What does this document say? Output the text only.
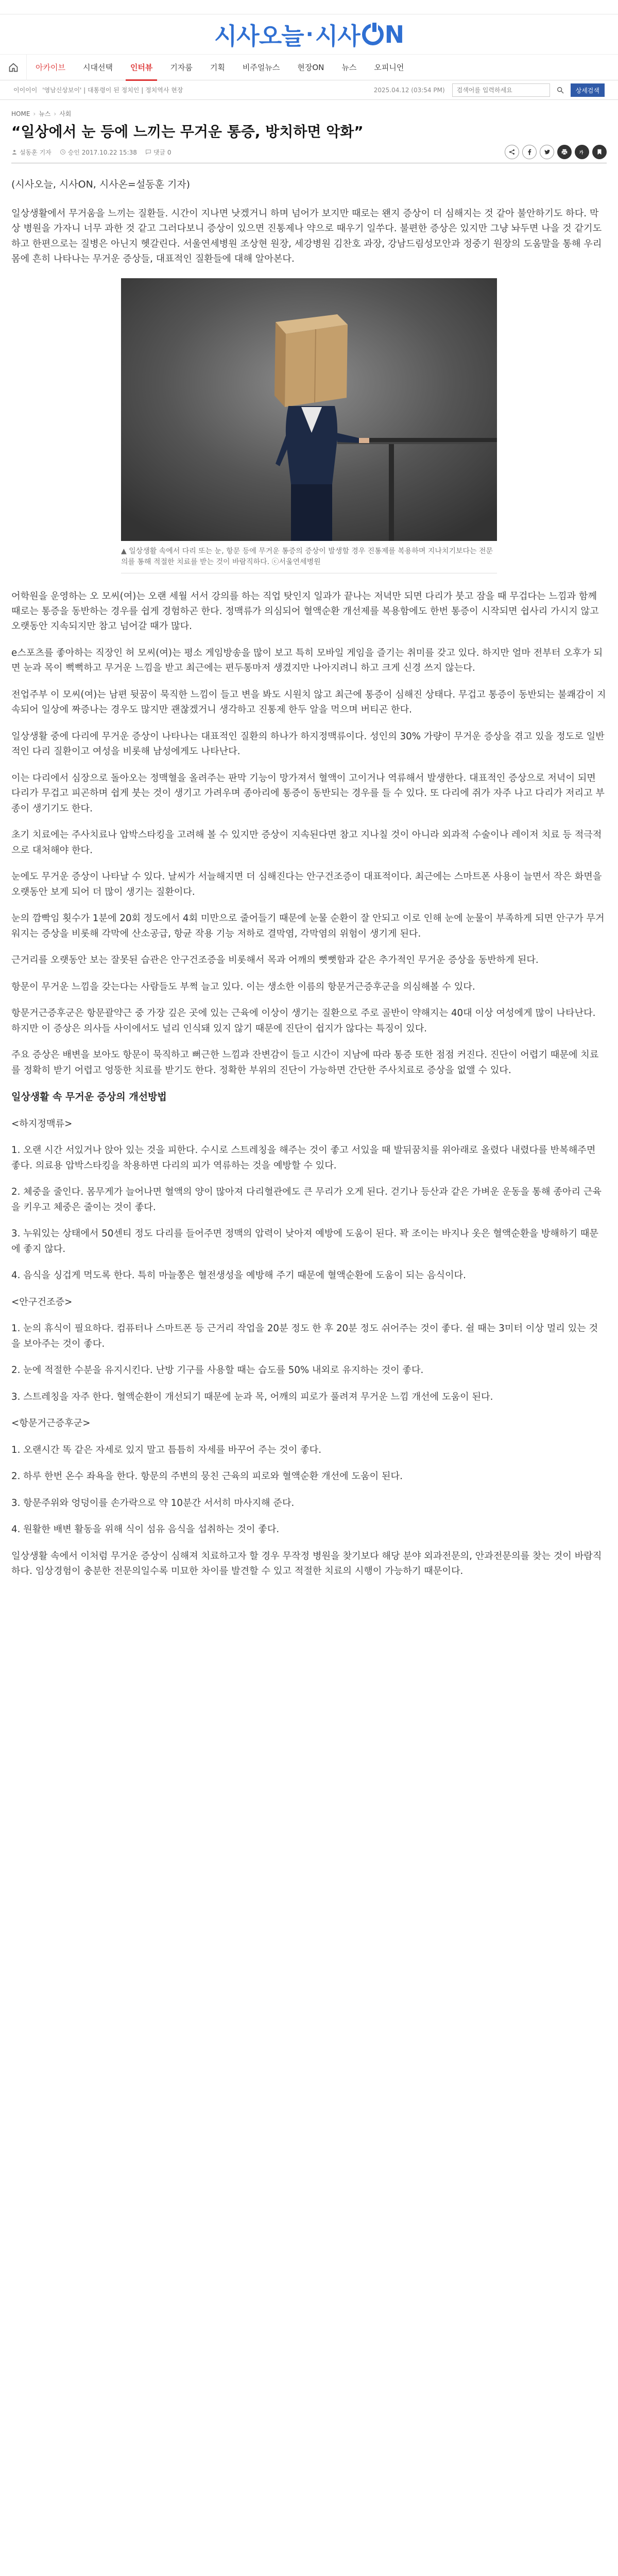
시사오늘 · 시사 N
아카이브	시대선택	인터뷰	기자룸	기획	비주얼뉴스	현장ON	뉴스	오피니언
이이이이 '영남신상보이' | 대통령이 된 정치인 | 정치역사 현장	2025.04.12 (03:54 PM)
검색어를 입력하세요	상세검색
HOME › 뉴스 › 사회
“일상에서 눈 등에 느끼는 무거운 통증, 방치하면 악화”
설동훈 기자	승인 2017.10.22 15:38	댓글 0	가

(시사오늘, 시사ON, 시사온=설동훈 기자)

일상생활에서 무거움을 느끼는 질환들. 시간이 지나면 낫겠거니 하며 넘어가 보지만 때로는 왠지 증상이 더 심해지는 것 같아 불안하기도 하다. 막상 병원을 가자니 너무 과한 것 같고 그러다보니 증상이 있으면 진통제나 약으로 때우기 일쑤다. 불편한 증상은 있지만 그냥 놔두면 나을 것 같기도 하고 한편으로는 질병은 아닌지 헷갈린다. 서울연세병원 조상현 원장, 세강병원 김찬호 과장, 강남드림성모안과 정중기 원장의 도움말을 통해 우리 몸에 흔히 나타나는 무거운 증상들, 대표적인 질환들에 대해 알아본다.

▲ 일상생활 속에서 다리 또는 눈, 항문 등에 무거운 통증의 증상이 발생할 경우 진통제를 복용하며 지나치기보다는 전문의를 통해 적절한 치료를 받는 것이 바람직하다. ⓒ서울연세병원

어학원을 운영하는 오 모씨(여)는 오랜 세월 서서 강의를 하는 직업 탓인지 일과가 끝나는 저녁만 되면 다리가 붓고 잠을 때 무겁다는 느낌과 함께 때로는 통증을 동반하는 경우를 쉽게 경험하곤 한다. 정맥류가 의심되어 혈액순환 개선제를 복용함에도 한번 통증이 시작되면 쉽사리 가시지 않고 오랫동안 지속되지만 참고 넘어갈 때가 많다.

e스포츠를 좋아하는 직장인 허 모씨(여)는 평소 게임방송을 많이 보고 특히 모바일 게임을 즐기는 취미를 갖고 있다. 하지만 얼마 전부터 오후가 되면 눈과 목이 뻑뻑하고 무거운 느낌을 받고 최근에는 편두통마저 생겼지만 나아지려니 하고 크게 신경 쓰지 않는다.

전업주부 이 모씨(여)는 남편 뒷꿈이 묵직한 느낌이 들고 변을 봐도 시원치 않고 최근에 통증이 심해진 상태다. 무겁고 통증이 동반되는 불쾌감이 지속되어 일상에 짜증나는 경우도 많지만 괜찮겠거니 생각하고 진통제 한두 알을 먹으며 버티곤 한다.

일상생활 중에 다리에 무거운 증상이 나타나는 대표적인 질환의 하나가 하지정맥류이다. 성인의 30% 가량이 무거운 증상을 겪고 있을 정도로 일반적인 다리 질환이고 여성을 비롯해 남성에게도 나타난다.

이는 다리에서 심장으로 돌아오는 정맥혈을 올려주는 판막 기능이 망가져서 혈액이 고이거나 역류해서 발생한다. 대표적인 증상으로 저녁이 되면 다리가 무겁고 피곤하며 쉽게 붓는 것이 생기고 가려우며 종아리에 통증이 동반되는 경우를 들 수 있다. 또 다리에 쥐가 자주 나고 다리가 저리고 부종이 생기기도 한다.

초기 치료에는 주사치료나 압박스타킹을 고려해 볼 수 있지만 증상이 지속된다면 참고 지나칠 것이 아니라 외과적 수술이나 레이저 치료 등 적극적으로 대처해야 한다.

눈에도 무거운 증상이 나타날 수 있다. 날씨가 서늘해지면 더 심해진다는 안구건조증이 대표적이다. 최근에는 스마트폰 사용이 늘면서 작은 화면을 오랫동안 보게 되어 더 많이 생기는 질환이다.

눈의 깜빡임 횟수가 1분에 20회 정도에서 4회 미만으로 줄어들기 때문에 눈물 순환이 잘 안되고 이로 인해 눈에 눈물이 부족하게 되면 안구가 무거워지는 증상을 비롯해 각막에 산소공급, 항균 작용 기능 저하로 결막염, 각막염의 위험이 생기게 된다.

근거리를 오랫동안 보는 잘못된 습관은 안구건조증을 비롯해서 목과 어깨의 뻣뻣함과 같은 추가적인 무거운 증상을 동반하게 된다.

항문이 무거운 느낌을 갖는다는 사람들도 부쩍 늘고 있다. 이는 생소한 이름의 항문거근증후군을 의심해볼 수 있다.

항문거근증후군은 항문괄약근 중 가장 깊은 곳에 있는 근육에 이상이 생기는 질환으로 주로 골반이 약해지는 40대 이상 여성에게 많이 나타난다. 하지만 이 증상은 의사들 사이에서도 널리 인식돼 있지 않기 때문에 진단이 쉽지가 않다는 특징이 있다.

주요 증상은 배변을 보아도 항문이 묵직하고 뻐근한 느낌과 잔변감이 들고 시간이 지남에 따라 통증 또한 점점 커진다. 진단이 어렵기 때문에 치료를 정확히 받기 어렵고 엉뚱한 치료를 받기도 한다. 정확한 부위의 진단이 가능하면 간단한 주사치료로 증상을 없앨 수 있다.

일상생활 속 무거운 증상의 개선방법

<하지정맥류>

1. 오랜 시간 서있거나 앉아 있는 것을 피한다. 수시로 스트레칭을 해주는 것이 좋고 서있을 때 발뒤꿈치를 위아래로 올렸다 내렸다를 반복해주면 좋다. 의료용 압박스타킹을 착용하면 다리의 피가 역류하는 것을 예방할 수 있다.

2. 체중을 줄인다. 몸무게가 늘어나면 혈액의 양이 많아져 다리혈관에도 큰 무리가 오게 된다. 걷기나 등산과 같은 가벼운 운동을 통해 종아리 근육을 키우고 체중은 줄이는 것이 좋다.

3. 누워있는 상태에서 50센티 정도 다리를 들어주면 정맥의 압력이 낮아져 예방에 도움이 된다. 꽉 조이는 바지나 옷은 혈액순환을 방해하기 때문에 좋지 않다.

4. 음식을 싱겁게 먹도록 한다. 특히 마늘쫑은 혈전생성을 예방해 주기 때문에 혈액순환에 도움이 되는 음식이다.

<안구건조증>

1. 눈의 휴식이 필요하다. 컴퓨터나 스마트폰 등 근거리 작업을 20분 정도 한 후 20분 정도 쉬어주는 것이 좋다. 쉴 때는 3미터 이상 멀리 있는 것을 보아주는 것이 좋다.

2. 눈에 적절한 수분을 유지시킨다. 난방 기구를 사용할 때는 습도를 50% 내외로 유지하는 것이 좋다.

3. 스트레칭을 자주 한다. 혈액순환이 개선되기 때문에 눈과 목, 어깨의 피로가 풀려져 무거운 느낌 개선에 도움이 된다.

<항문거근증후군>

1. 오랜시간 똑 같은 자세로 있지 말고 틈틈히 자세를 바꾸어 주는 것이 좋다.

2. 하루 한번 온수 좌욕을 한다. 항문의 주변의 뭉친 근육의 피로와 혈액순환 개선에 도움이 된다.

3. 항문주위와 엉덩이를 손가락으로 약 10분간 서서히 마사지해 준다.

4. 원활한 배변 활동을 위해 식이 섬유 음식을 섭취하는 것이 좋다.

일상생활 속에서 이처럼 무거운 증상이 심해져 치료하고자 할 경우 무작정 병원을 찾기보다 해당 분야 외과전문의, 안과전문의를 찾는 것이 바람직하다. 임상경험이 충분한 전문의일수록 미묘한 차이를 발견할 수 있고 적절한 치료의 시행이 가능하기 때문이다.
